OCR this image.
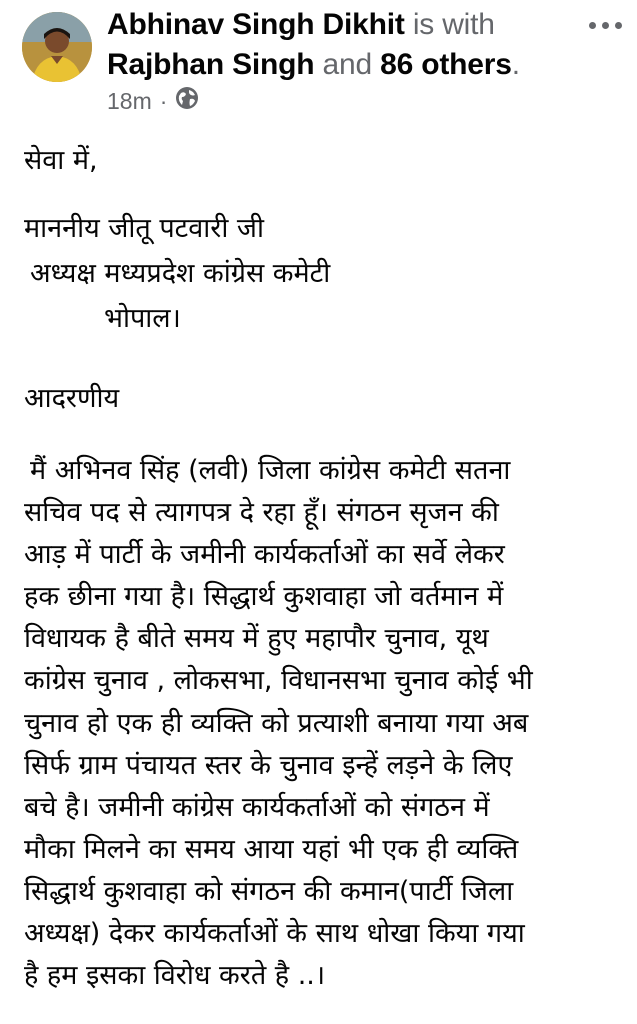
Abhinav Singh Dikhit is with Rajbhan Singh and 86 others.
18m ·
सेवा में,
माननीय जीतू पटवारी जी
अध्यक्ष मध्यप्रदेश कांग्रेस कमेटी
भोपाल।
आदरणीय
मैं अभिनव सिंह (लवी) जिला कांग्रेस कमेटी सतना
सचिव पद से त्यागपत्र दे रहा हूँ। संगठन सृजन की
आड़ में पार्टी के जमीनी कार्यकर्ताओं का सर्वे लेकर
हक छीना गया है। सिद्धार्थ कुशवाहा जो वर्तमान में
विधायक है बीते समय में हुए महापौर चुनाव, यूथ
कांग्रेस चुनाव , लोकसभा, विधानसभा चुनाव कोई भी
चुनाव हो एक ही व्यक्ति को प्रत्याशी बनाया गया अब
सिर्फ ग्राम पंचायत स्तर के चुनाव इन्हें लड़ने के लिए
बचे है। जमीनी कांग्रेस कार्यकर्ताओं को संगठन में
मौका मिलने का समय आया यहां भी एक ही व्यक्ति
सिद्धार्थ कुशवाहा को संगठन की कमान(पार्टी जिला
अध्यक्ष) देकर कार्यकर्ताओं के साथ धोखा किया गया
है हम इसका विरोध करते है ..।
